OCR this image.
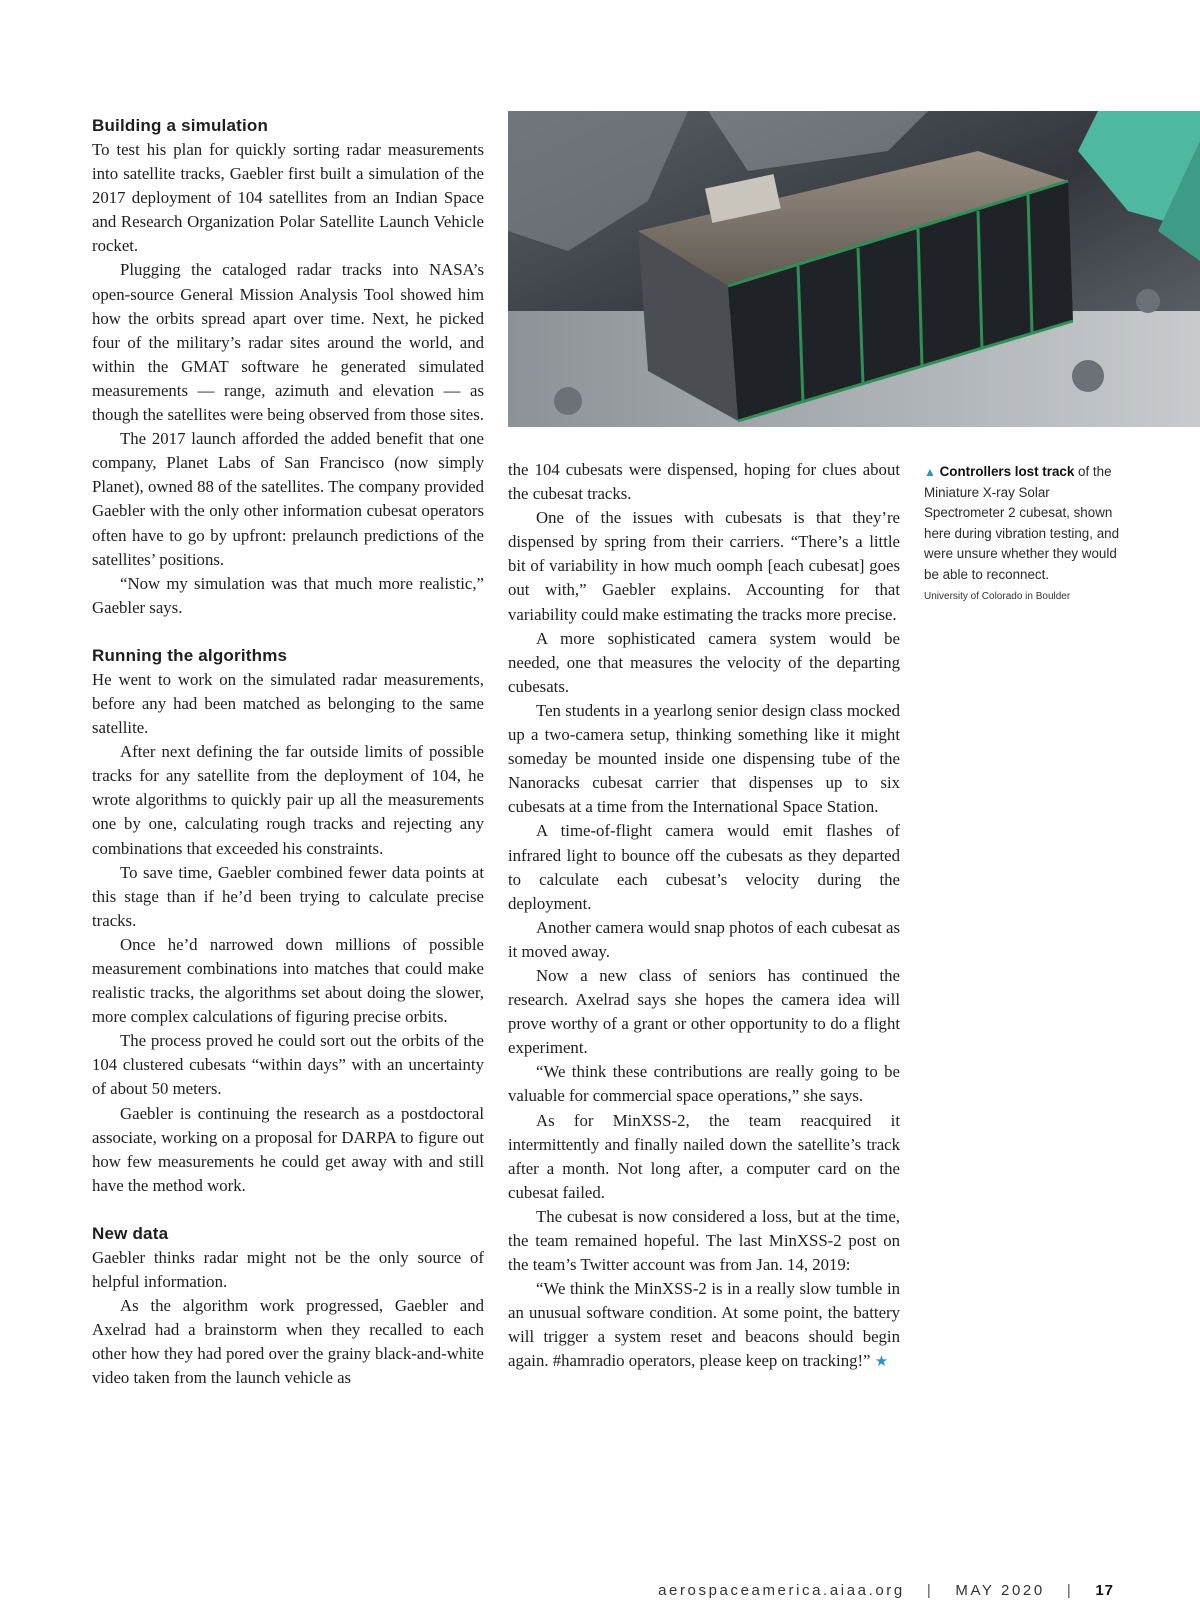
Building a simulation

To test his plan for quickly sorting radar measurements into satellite tracks, Gaebler first built a simulation of the 2017 deployment of 104 satellites from an Indian Space and Research Organization Polar Satellite Launch Vehicle rocket.

Plugging the cataloged radar tracks into NASA’s open-source General Mission Analysis Tool showed him how the orbits spread apart over time. Next, he picked four of the military’s radar sites around the world, and within the GMAT software he generated simulated measurements — range, azimuth and elevation — as though the satellites were being observed from those sites.

The 2017 launch afforded the added benefit that one company, Planet Labs of San Francisco (now simply Planet), owned 88 of the satellites. The company provided Gaebler with the only other information cubesat operators often have to go by upfront: prelaunch predictions of the satellites’ positions.

“Now my simulation was that much more realistic,” Gaebler says.

Running the algorithms

He went to work on the simulated radar measurements, before any had been matched as belonging to the same satellite.

After next defining the far outside limits of possible tracks for any satellite from the deployment of 104, he wrote algorithms to quickly pair up all the measurements one by one, calculating rough tracks and rejecting any combinations that exceeded his constraints.

To save time, Gaebler combined fewer data points at this stage than if he’d been trying to calculate precise tracks.

Once he’d narrowed down millions of possible measurement combinations into matches that could make realistic tracks, the algorithms set about doing the slower, more complex calculations of figuring precise orbits.

The process proved he could sort out the orbits of the 104 clustered cubesats “within days” with an uncertainty of about 50 meters.

Gaebler is continuing the research as a postdoctoral associate, working on a proposal for DARPA to figure out how few measurements he could get away with and still have the method work.

New data

Gaebler thinks radar might not be the only source of helpful information.

As the algorithm work progressed, Gaebler and Axelrad had a brainstorm when they recalled to each other how they had pored over the grainy black-and-white video taken from the launch vehicle as

the 104 cubesats were dispensed, hoping for clues about the cubesat tracks.

One of the issues with cubesats is that they’re dispensed by spring from their carriers. “There’s a little bit of variability in how much oomph [each cubesat] goes out with,” Gaebler explains. Accounting for that variability could make estimating the tracks more precise.

A more sophisticated camera system would be needed, one that measures the velocity of the departing cubesats.

Ten students in a yearlong senior design class mocked up a two-camera setup, thinking something like it might someday be mounted inside one dispensing tube of the Nanoracks cubesat carrier that dispenses up to six cubesats at a time from the International Space Station.

A time-of-flight camera would emit flashes of infrared light to bounce off the cubesats as they departed to calculate each cubesat’s velocity during the deployment.

Another camera would snap photos of each cubesat as it moved away.

Now a new class of seniors has continued the research. Axelrad says she hopes the camera idea will prove worthy of a grant or other opportunity to do a flight experiment.

“We think these contributions are really going to be valuable for commercial space operations,” she says.

As for MinXSS-2, the team reacquired it intermittently and finally nailed down the satellite’s track after a month. Not long after, a computer card on the cubesat failed.

The cubesat is now considered a loss, but at the time, the team remained hopeful. The last MinXSS-2 post on the team’s Twitter account was from Jan. 14, 2019:

“We think the MinXSS-2 is in a really slow tumble in an unusual software condition. At some point, the battery will trigger a system reset and beacons should begin again. #hamradio operators, please keep on tracking!” ★

▲ Controllers lost track of the Miniature X-ray Solar Spectrometer 2 cubesat, shown here during vibration testing, and were unsure whether they would be able to reconnect.
University of Colorado in Boulder
aerospaceamerica.aiaa.org | MAY 2020 | 17
